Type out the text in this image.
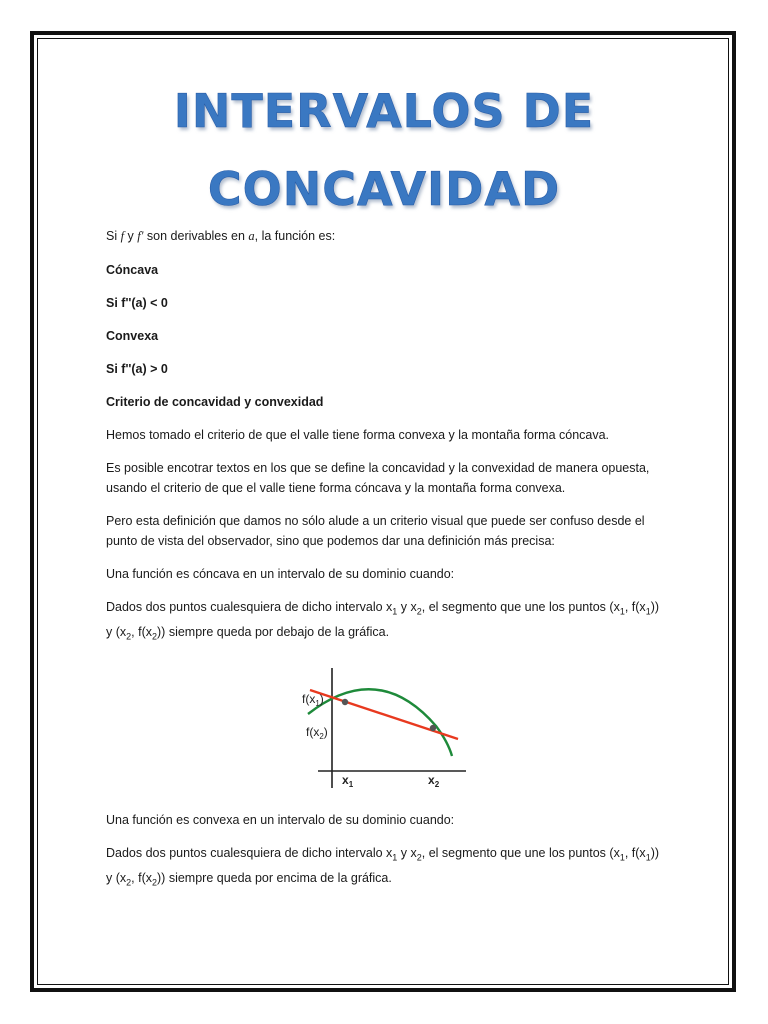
INTERVALOS DE
CONCAVIDAD
Si f y f' son derivables en a, la función es:
Cóncava
Si f''(a) < 0
Convexa
Si f''(a) > 0
Criterio de concavidad y convexidad
Hemos tomado el criterio de que el valle tiene forma convexa y la montaña forma cóncava.
Es posible encotrar textos en los que se define la concavidad y la convexidad de manera opuesta,
usando el criterio de que el valle tiene forma cóncava y la montaña forma convexa.
Pero esta definición que damos no sólo alude a un criterio visual que puede ser confuso desde el
punto de vista del observador, sino que podemos dar una definición más precisa:
Una función es cóncava en un intervalo de su dominio cuando:
Dados dos puntos cualesquiera de dicho intervalo $x_1$ y $x_2$, el segmento que une los puntos ($x_1$, $f(x_1)$)
y ($x_2$, $f(x_2)$) siempre queda por debajo de la gráfica.
$f(x_1)$
$f(x_2)$
$x_1$	$x_2$
Una función es convexa en un intervalo de su dominio cuando:
Dados dos puntos cualesquiera de dicho intervalo $x_1$ y $x_2$, el segmento que une los puntos ($x_1$, $f(x_1)$)
y ($x_2$, $f(x_2)$) siempre queda por encima de la gráfica.
